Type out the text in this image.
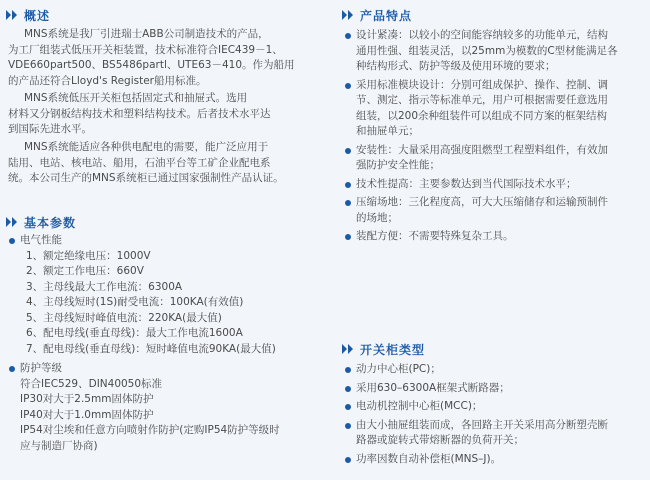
概述
MNS系统是我厂引进瑞士ABB公司制造技术的产品，
为工厂组装式低压开关柜装置，技术标准符合IEC439－1、
VDE660part500、BS5486partl、UTE63－410。作为船用
的产品还符合Lloyd's Register船用标准。
MNS系统低压开关柜包括固定式和抽屉式。选用
材料又分钢板结构技术和塑料结构技术。后者技术水平达
到国际先进水平。
MNS系统能适应各种供电配电的需要，能广泛应用于
陆用、电站、核电站、船用，石油平台等工矿企业配电系
统。本公司生产的MNS系统柜已通过国家强制性产品认证。
基本参数
电气性能
1、额定绝缘电压：1000V
2、额定工作电压：660V
3、主母线最大工作电流：6300A
4、主母线短时(1S)耐受电流：100KA(有效值)
5、主母线短时峰值电流：220KA(最大值)
6、配电母线(垂直母线)：最大工作电流1600A
7、配电母线(垂直母线)：短时峰值电流90KA(最大值)
防护等级
符合IEC529、DIN40050标准
IP30对大于2.5mm固体防护
IP40对大于1.0mm固体防护
IP54对尘埃和任意方向喷射作防护(定购IP54防护等级时
应与制造厂协商)
产品特点
设计紧凑：以较小的空间能容纳较多的功能单元，结构
通用性强、组装灵活，以25mm为模数的C型材能满足各
种结构形式、防护等级及使用环境的要求；
采用标准模块设计：分别可组成保护、操作、控制、调
节、测定、指示等标准单元，用户可根据需要任意选用
组装，以200余种组装件可以组成不同方案的框架结构
和抽屉单元；
安装性：大量采用高强度阻燃型工程塑料组件，有效加
强防护安全性能；
技术性提高：主要参数达到当代国际技术水平；
压缩场地：三化程度高，可大大压缩储存和运输预制件
的场地；
装配方便：不需要特殊复杂工具。
开关柜类型
动力中心柜(PC)；
采用630–6300A框架式断路器；
电动机控制中心柜(MCC)；
由大小抽屉组装而成，各回路主开关采用高分断塑壳断
路器或旋转式带熔断器的负荷开关；
功率因数自动补偿柜(MNS–J)。
